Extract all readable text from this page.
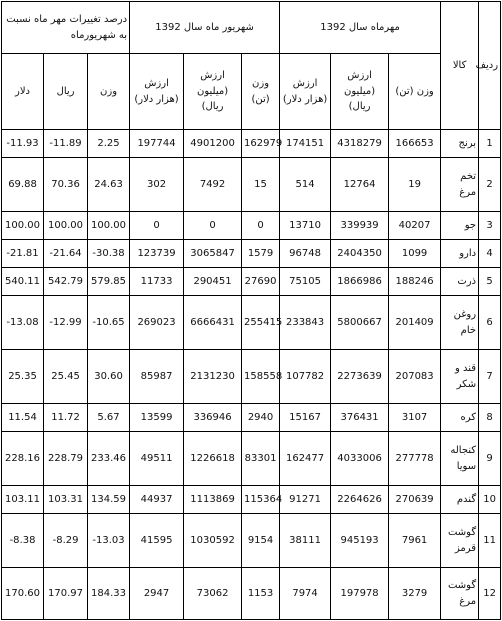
ردیف	کالا	مهرماه سال 1392			شهریور ماه سال 1392			درصد تغییرات مهر ماه نسبت به شهریورماه		
		وزن (تن)	ارزش (میلیون ریال)	ارزش (هزار دلار)	وزن (تن)	ارزش (میلیون ریال)	ارزش (هزار دلار)	وزن	ریال	دلار
1	برنج	166653	4318279	174151	162979	4901200	197744	2.25	-11.89	-11.93
2	تخم مرغ	19	12764	514	15	7492	302	24.63	70.36	69.88
3	جو	40207	339939	13710	0	0	0	100.00	100.00	100.00
4	دارو	1099	2404350	96748	1579	3065847	123739	-30.38	-21.64	-21.81
5	ذرت	188246	1866986	75105	27690	290451	11733	579.85	542.79	540.11
6	روغن خام	201409	5800667	233843	255415	6666431	269023	-10.65	-12.99	-13.08
7	قند و شکر	207083	2273639	107782	158558	2131230	85987	30.60	25.45	25.35
8	کره	3107	376431	15167	2940	336946	13599	5.67	11.72	11.54
9	کنجاله سویا	277778	4033006	162477	83301	1226618	49511	233.46	228.79	228.16
10	گندم	270639	2264626	91271	115364	1113869	44937	134.59	103.31	103.11
11	گوشت قرمز	7961	945193	38111	9154	1030592	41595	-13.03	-8.29	-8.38
12	گوشت مرغ	3279	197978	7974	1153	73062	2947	184.33	170.97	170.60
